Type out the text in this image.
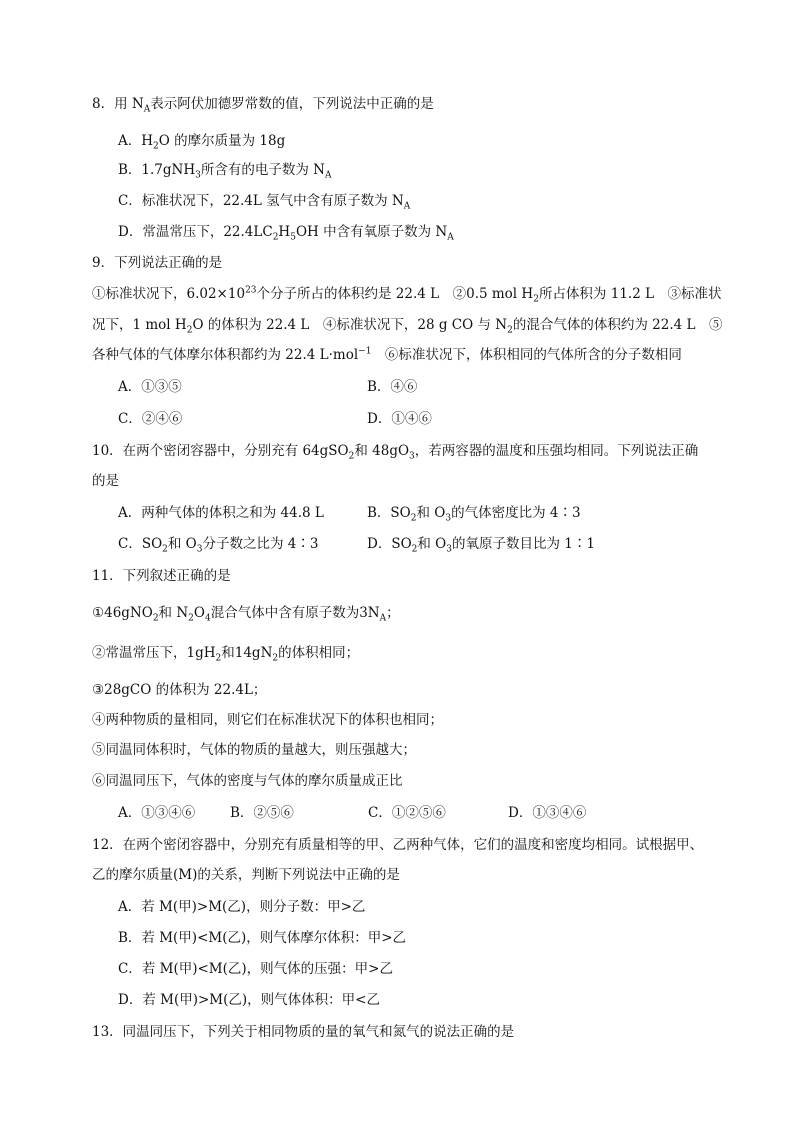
8．用 $N_A$表示阿伏加德罗常数的值，下列说法中正确的是
A．$H_2O$ 的摩尔质量为 18g
B．1.7gNH$_3$所含有的电子数为 $N_A$
C．标准状况下，22.4L 氢气中含有原子数为 $N_A$
D．常温常压下，$22.4LC_2H_5OH$ 中含有氧原子数为 $N_A$
9．下列说法正确的是
①标准状况下，$6.02\times 10^{23}$个分子所占的体积约是 22.4 L　②0.5 mol $H_2$所占体积为 11.2 L　③标准状
况下，1 mol $H_2O$ 的体积为 22.4 L　④标准状况下，28 g CO 与 $N_2$的混合气体的体积约为 22.4 L　⑤
各种气体的气体摩尔体积都约为 22.4 L·mol$^{-1}$　⑥标准状况下，体积相同的气体所含的分子数相同
A．①③⑤	B．④⑥
C．②④⑥	D．①④⑥
10．在两个密闭容器中，分别充有 64gSO$_2$和 $48gO_3$，若两容器的温度和压强均相同。下列说法正确
的是
A．两种气体的体积之和为 44.8 L	B．$SO_2$和 $O_3$的气体密度比为 4∶3
C．$SO_2$和 $O_3$分子数之比为 4∶3	D．$SO_2$和 $O_3$的氧原子数目比为 1∶1
11．下列叙述正确的是
①46gNO$_2$和 $N_2O_4$混合气体中含有原子数为$3N_A$；
②常温常压下，$1gH_2$和$14gN_2$的体积相同；
③28gCO 的体积为 22.4L；
④两种物质的量相同，则它们在标准状况下的体积也相同；
⑤同温同体积时，气体的物质的量越大，则压强越大；
⑥同温同压下，气体的密度与气体的摩尔质量成正比
A．①③④⑥	B．②⑤⑥	C．①②⑤⑥	D．①③④⑥
12．在两个密闭容器中，分别充有质量相等的甲、乙两种气体，它们的温度和密度均相同。试根据甲、
乙的摩尔质量(M)的关系，判断下列说法中正确的是
A．若 M(甲)>M(乙)，则分子数：甲>乙
B．若 M(甲)<M(乙)，则气体摩尔体积：甲>乙
C．若 M(甲)<M(乙)，则气体的压强：甲>乙
D．若 M(甲)>M(乙)，则气体体积：甲<乙
13．同温同压下，下列关于相同物质的量的氧气和氮气的说法正确的是
